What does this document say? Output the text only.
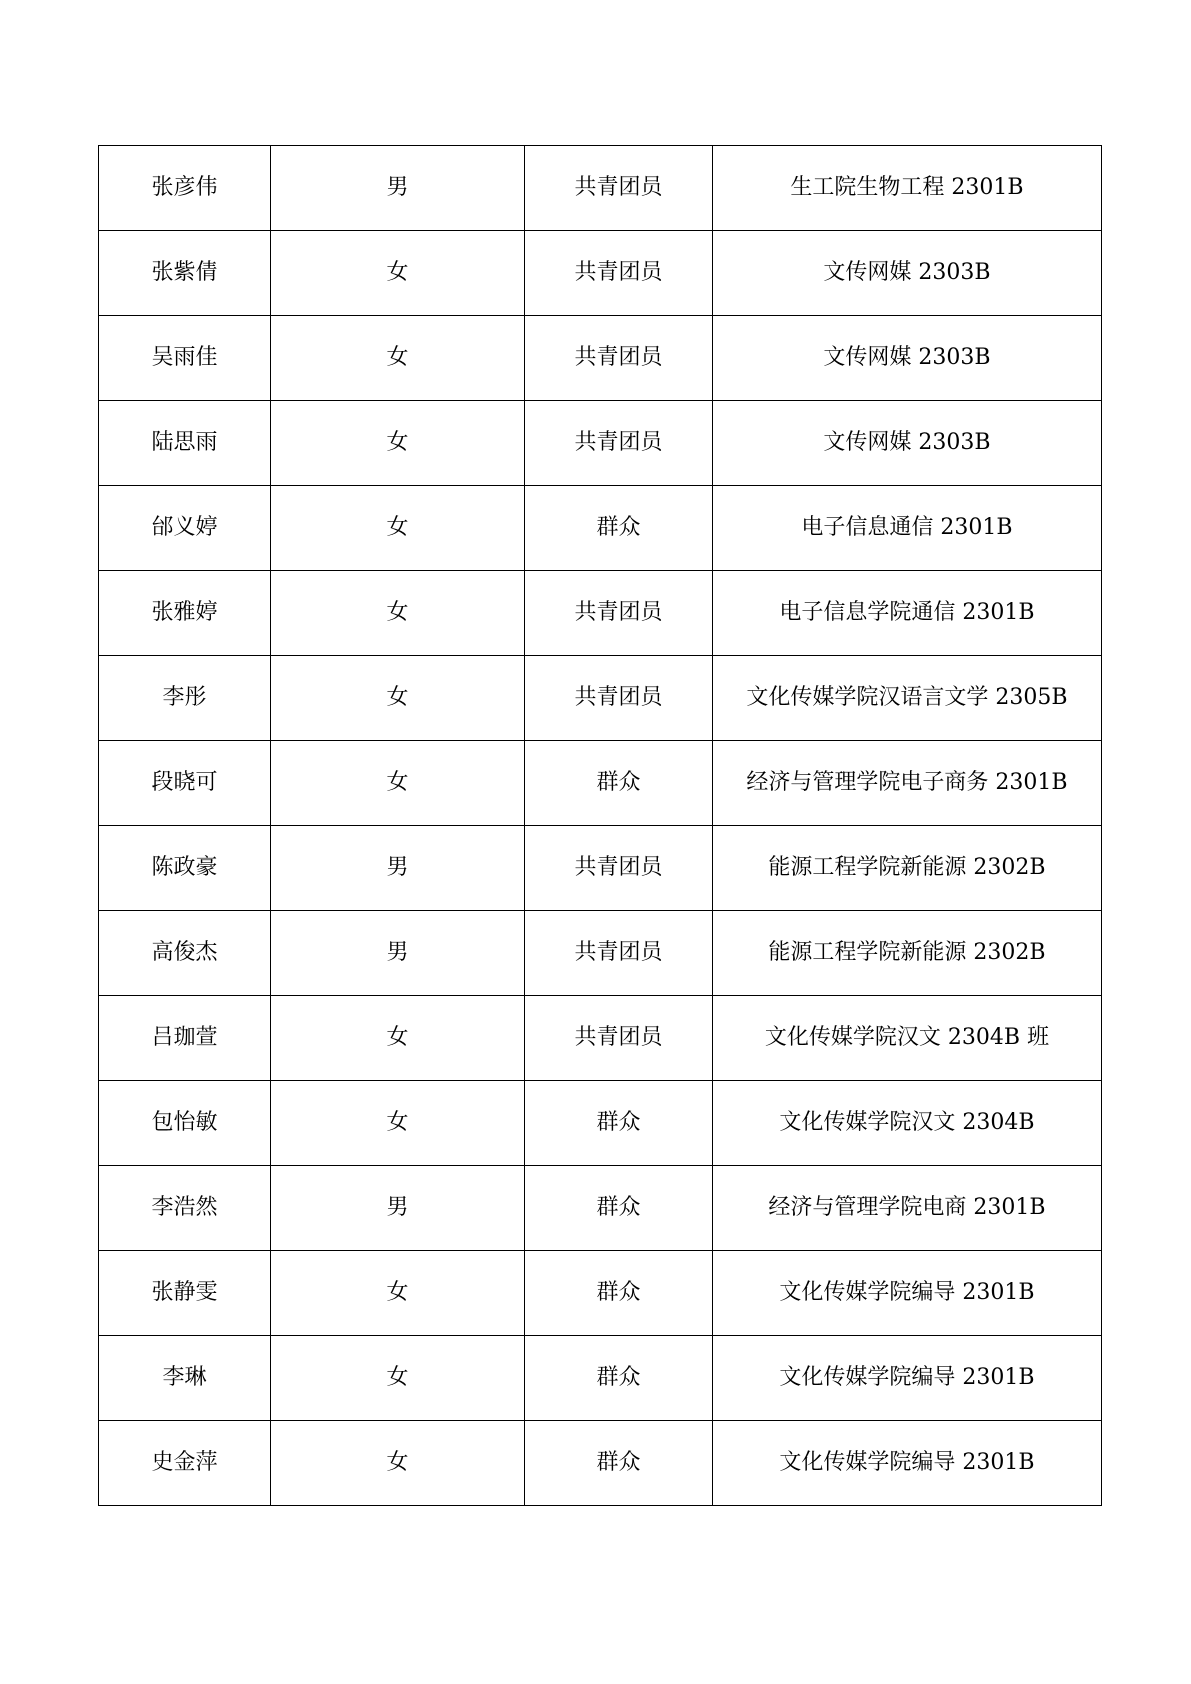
张彦伟	男	共青团员	生工院生物工程 2301B
张紫倩	女	共青团员	文传网媒 2303B
吴雨佳	女	共青团员	文传网媒 2303B
陆思雨	女	共青团员	文传网媒 2303B
邰义婷	女	群众	电子信息通信 2301B
张雅婷	女	共青团员	电子信息学院通信 2301B
李彤	女	共青团员	文化传媒学院汉语言文学 2305B
段晓可	女	群众	经济与管理学院电子商务 2301B
陈政豪	男	共青团员	能源工程学院新能源 2302B
高俊杰	男	共青团员	能源工程学院新能源 2302B
吕珈萱	女	共青团员	文化传媒学院汉文 2304B 班
包怡敏	女	群众	文化传媒学院汉文 2304B
李浩然	男	群众	经济与管理学院电商 2301B
张静雯	女	群众	文化传媒学院编导 2301B
李琳	女	群众	文化传媒学院编导 2301B
史金萍	女	群众	文化传媒学院编导 2301B
